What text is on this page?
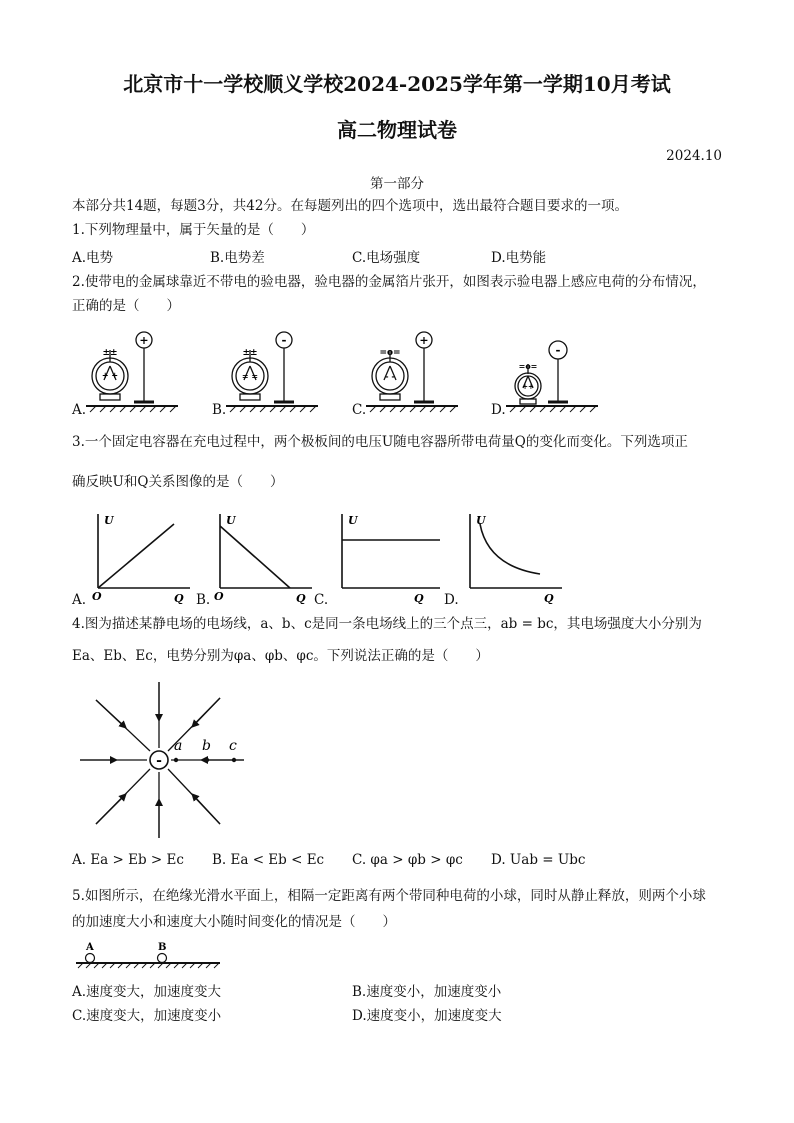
北京市十一学校顺义学校2024-2025学年第一学期10月考试
高二物理试卷
2024.10
第一部分
本部分共14题，每题3分，共42分。在每题列出的四个选项中，选出最符合题目要求的一项。
1.下列物理量中，属于矢量的是（　　）
A.电势	B.电势差	C.电场强度	D.电势能
2.使带电的金属球靠近不带电的验电器，验电器的金属箔片张开，如图表示验电器上感应电荷的分布情况，
正确的是（　　）
A.	B.	C.	D.
+
±±
+ +
-
±±
= =
+
=o=
- -
-
=o=
++
3.一个固定电容器在充电过程中，两个极板间的电压U随电容器所带电荷量Q的变化而变化。下列选项正
确反映U和Q关系图像的是（　　）
A.	B.	C.	D.
U
O	Q
U
O	Q
U
Q
U
Q
4.图为描述某静电场的电场线，a、b、c是同一条电场线上的三个点三，ab = bc，其电场强度大小分别为
Ea、Eb、Ec，电势分别为φa、φb、φc。下列说法正确的是（　　）
-
a b c
A. Ea > Eb > Ec B. Ea < Eb < Ec C. φa > φb > φc D. Uab = Ubc
5.如图所示，在绝缘光滑水平面上，相隔一定距离有两个带同种电荷的小球，同时从静止释放，则两个小球
的加速度大小和速度大小随时间变化的情况是（　　）
A	B
A.速度变大，加速度变大	B.速度变小，加速度变小
C.速度变大，加速度变小	D.速度变小，加速度变大
